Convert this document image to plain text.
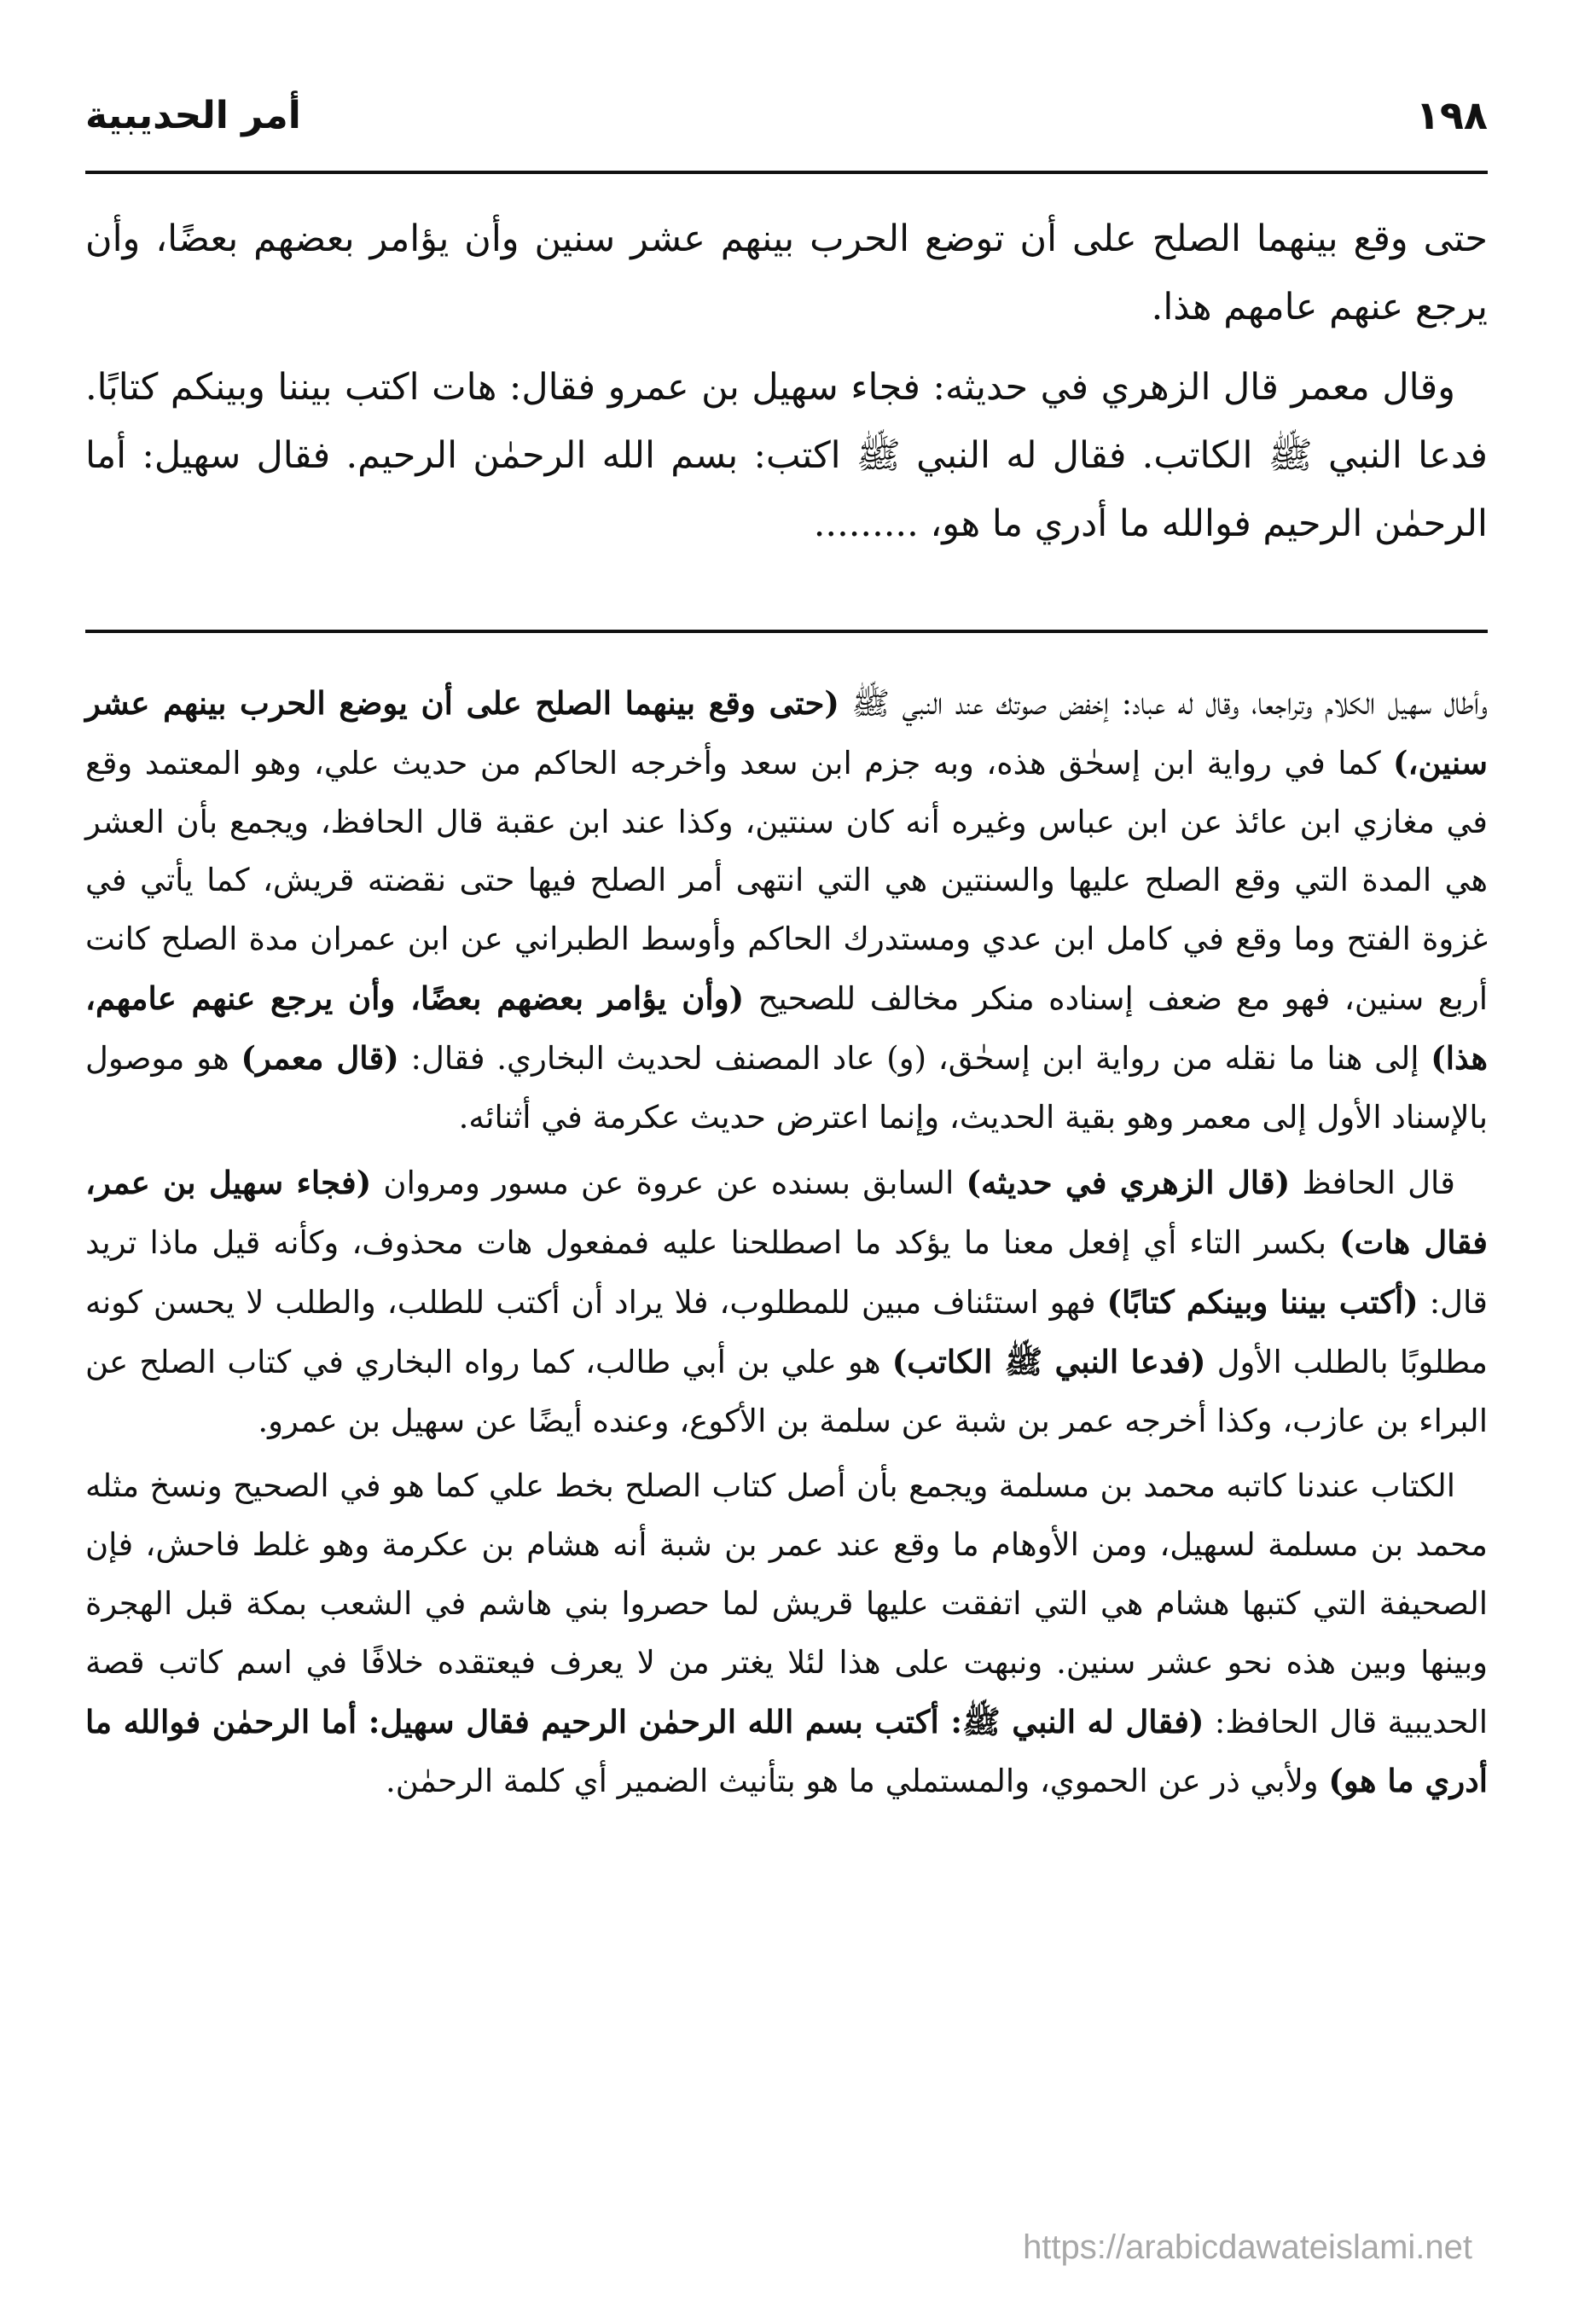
١٩٨
أمر الحديبية

حتى وقع بينهما الصلح على أن توضع الحرب بينهم عشر سنين وأن يؤامر بعضهم بعضًا، وأن يرجع عنهم عامهم هذا.

وقال معمر قال الزهري في حديثه: فجاء سهيل بن عمرو فقال: هات اكتب بيننا وبينكم كتابًا. فدعا النبي ﷺ الكاتب. فقال له النبي ﷺ اكتب: بسم الله الرحمٰن الرحيم. فقال سهيل: أما الرحمٰن الرحيم فوالله ما أدري ما هو، .........

وأطال سهيل الكلام وتراجعا، وقال له عباد: إخفض صوتك عند النبي ﷺ (حتى وقع بينهما الصلح على أن يوضع الحرب بينهم عشر سنين،) كما في رواية ابن إسحٰق هذه، وبه جزم ابن سعد وأخرجه الحاكم من حديث علي، وهو المعتمد وقع في مغازي ابن عائذ عن ابن عباس وغيره أنه كان سنتين، وكذا عند ابن عقبة قال الحافظ، ويجمع بأن العشر هي المدة التي وقع الصلح عليها والسنتين هي التي انتهى أمر الصلح فيها حتى نقضته قريش، كما يأتي في غزوة الفتح وما وقع في كامل ابن عدي ومستدرك الحاكم وأوسط الطبراني عن ابن عمران مدة الصلح كانت أربع سنين، فهو مع ضعف إسناده منكر مخالف للصحيح (وأن يؤامر بعضهم بعضًا، وأن يرجع عنهم عامهم، هذا) إلى هنا ما نقله من رواية ابن إسحٰق، (و) عاد المصنف لحديث البخاري. فقال: (قال معمر) هو موصول بالإسناد الأول إلى معمر وهو بقية الحديث، وإنما اعترض حديث عكرمة في أثنائه.

قال الحافظ (قال الزهري في حديثه) السابق بسنده عن عروة عن مسور ومروان (فجاء سهيل بن عمر، فقال هات) بكسر التاء أي إفعل معنا ما يؤكد ما اصطلحنا عليه فمفعول هات محذوف، وكأنه قيل ماذا تريد قال: (أكتب بيننا وبينكم كتابًا) فهو استئناف مبين للمطلوب، فلا يراد أن أكتب للطلب، والطلب لا يحسن كونه مطلوبًا بالطلب الأول (فدعا النبي ﷺ الكاتب) هو علي بن أبي طالب، كما رواه البخاري في كتاب الصلح عن البراء بن عازب، وكذا أخرجه عمر بن شبة عن سلمة بن الأكوع، وعنده أيضًا عن سهيل بن عمرو.

الكتاب عندنا كاتبه محمد بن مسلمة ويجمع بأن أصل كتاب الصلح بخط علي كما هو في الصحيح ونسخ مثله محمد بن مسلمة لسهيل، ومن الأوهام ما وقع عند عمر بن شبة أنه هشام بن عكرمة وهو غلط فاحش، فإن الصحيفة التي كتبها هشام هي التي اتفقت عليها قريش لما حصروا بني هاشم في الشعب بمكة قبل الهجرة وبينها وبين هذه نحو عشر سنين. ونبهت على هذا لئلا يغتر من لا يعرف فيعتقده خلافًا في اسم كاتب قصة الحديبية قال الحافظ: (فقال له النبي ﷺ: أكتب بسم الله الرحمٰن الرحيم فقال سهيل: أما الرحمٰن فوالله ما أدري ما هو) ولأبي ذر عن الحموي، والمستملي ما هو بتأنيث الضمير أي كلمة الرحمٰن.

https://arabicdawateislami.net
